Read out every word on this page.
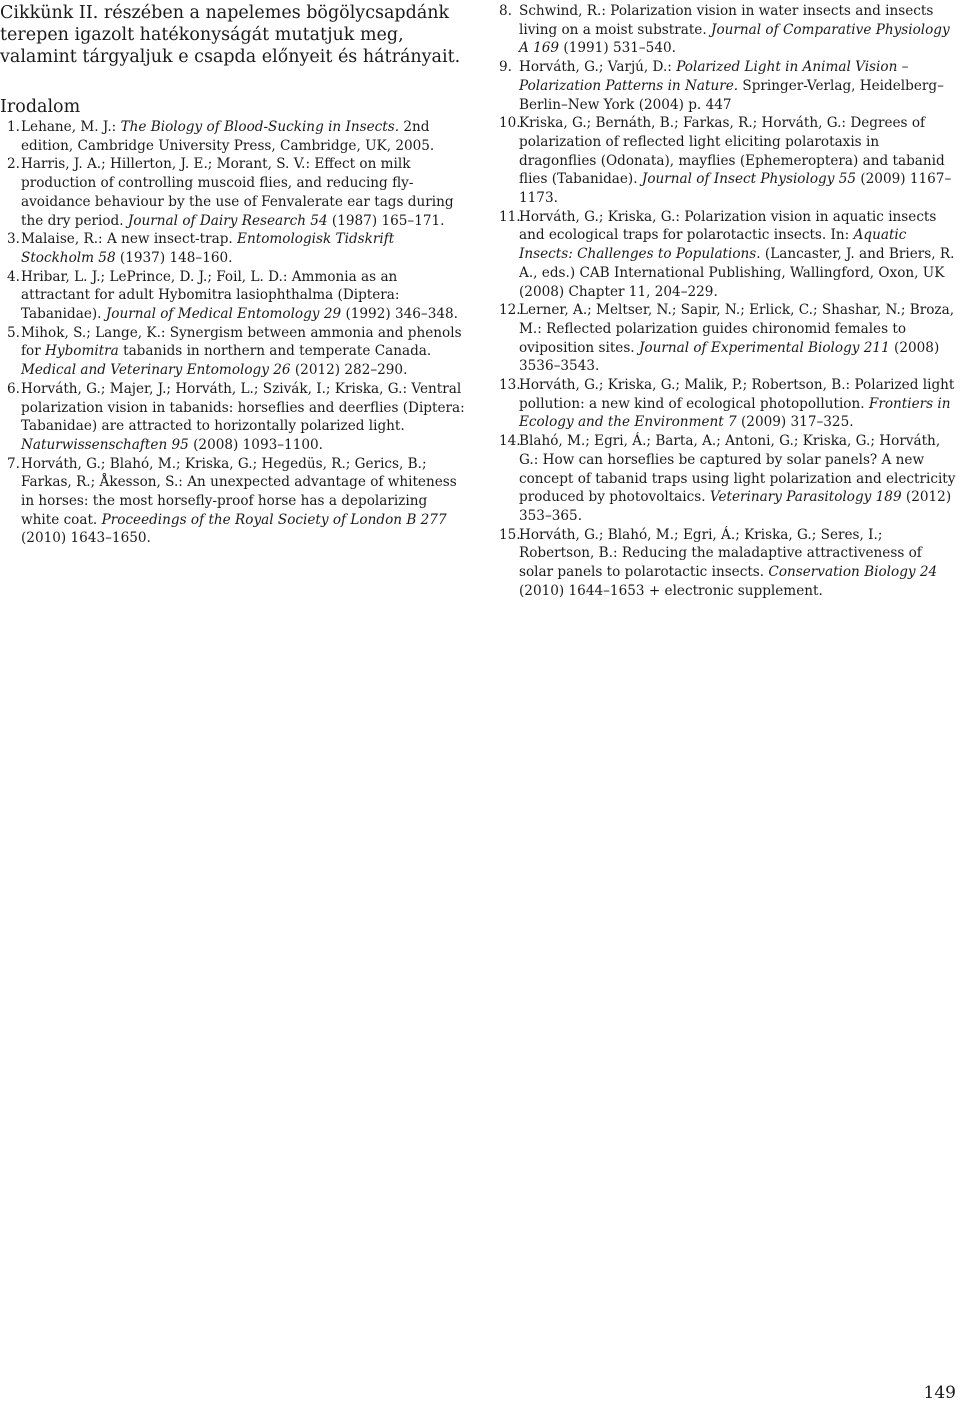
Cikkünk II. részében a napelemes bögölycsapdánk terepen igazolt hatékonyságát mutatjuk meg, valamint tárgyaljuk e csapda előnyeit és hátrányait.

Irodalom
1. Lehane, M. J.: The Biology of Blood-Sucking in Insects. 2nd edition, Cambridge University Press, Cambridge, UK, 2005.
2. Harris, J. A.; Hillerton, J. E.; Morant, S. V.: Effect on milk production of controlling muscoid flies, and reducing fly-avoidance behaviour by the use of Fenvalerate ear tags during the dry period. Journal of Dairy Research 54 (1987) 165–171.
3. Malaise, R.: A new insect-trap. Entomologisk Tidskrift Stockholm 58 (1937) 148–160.
4. Hribar, L. J.; LePrince, D. J.; Foil, L. D.: Ammonia as an attractant for adult Hybomitra lasiophthalma (Diptera: Tabanidae). Journal of Medical Entomology 29 (1992) 346–348.
5. Mihok, S.; Lange, K.: Synergism between ammonia and phenols for Hybomitra tabanids in northern and temperate Canada. Medical and Veterinary Entomology 26 (2012) 282–290.
6. Horváth, G.; Majer, J.; Horváth, L.; Szivák, I.; Kriska, G.: Ventral polarization vision in tabanids: horseflies and deerflies (Diptera: Tabanidae) are attracted to horizontally polarized light. Naturwissenschaften 95 (2008) 1093–1100.
7. Horváth, G.; Blahó, M.; Kriska, G.; Hegedüs, R.; Gerics, B.; Farkas, R.; Åkesson, S.: An unexpected advantage of whiteness in horses: the most horsefly-proof horse has a depolarizing white coat. Proceedings of the Royal Society of London B 277 (2010) 1643–1650.
8. Schwind, R.: Polarization vision in water insects and insects living on a moist substrate. Journal of Comparative Physiology A 169 (1991) 531–540.
9. Horváth, G.; Varjú, D.: Polarized Light in Animal Vision – Polarization Patterns in Nature. Springer-Verlag, Heidelberg–Berlin–New York (2004) p. 447
10.
Kriska, G.; Bernáth, B.; Farkas, R.; Horváth, G.: Degrees of polarization of reflected light eliciting polarotaxis in dragonflies (Odonata), mayflies (Ephemeroptera) and tabanid flies (Tabanidae). Journal of Insect Physiology 55 (2009) 1167–1173.
11.
Horváth, G.; Kriska, G.: Polarization vision in aquatic insects and ecological traps for polarotactic insects. In: Aquatic Insects: Challenges to Populations. (Lancaster, J. and Briers, R. A., eds.) CAB International Publishing, Wallingford, Oxon, UK (2008) Chapter 11, 204–229.
12.
Lerner, A.; Meltser, N.; Sapir, N.; Erlick, C.; Shashar, N.; Broza, M.: Reflected polarization guides chironomid females to oviposition sites. Journal of Experimental Biology 211 (2008) 3536–3543.
13.
Horváth, G.; Kriska, G.; Malik, P.; Robertson, B.: Polarized light pollution: a new kind of ecological photopollution. Frontiers in Ecology and the Environment 7 (2009) 317–325.
14.
Blahó, M.; Egri, Á.; Barta, A.; Antoni, G.; Kriska, G.; Horváth, G.: How can horseflies be captured by solar panels? A new concept of tabanid traps using light polarization and electricity produced by photovoltaics. Veterinary Parasitology 189 (2012) 353–365.
15.
Horváth, G.; Blahó, M.; Egri, Á.; Kriska, G.; Seres, I.; Robertson, B.: Reducing the maladaptive attractiveness of solar panels to polarotactic insects. Conservation Biology 24 (2010) 1644–1653 + electronic supplement.
149
